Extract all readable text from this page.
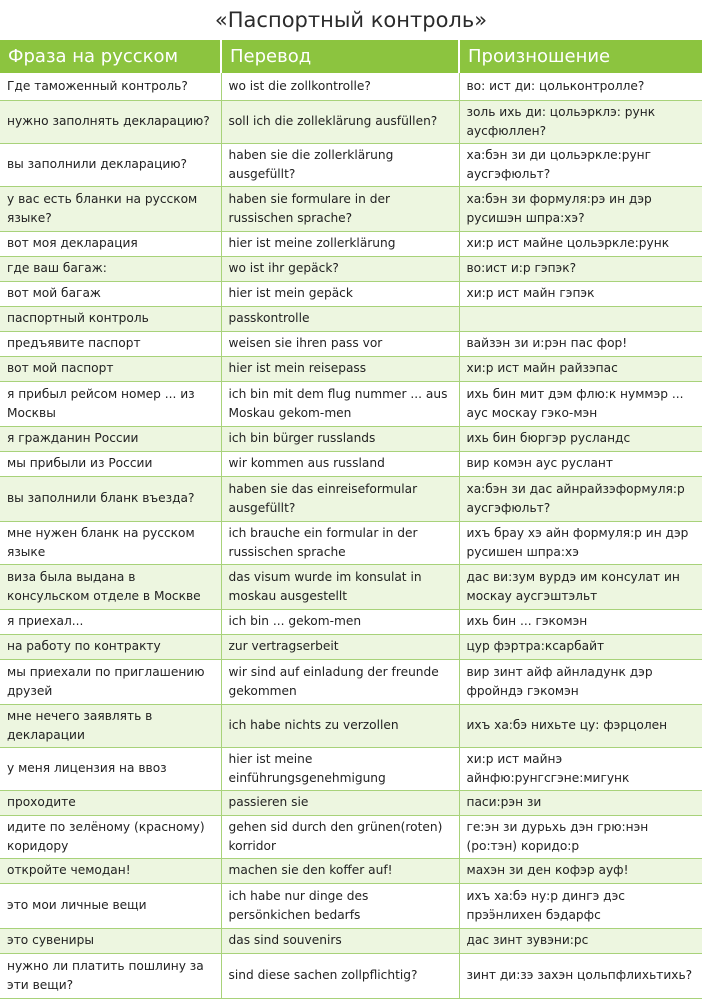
«Паспортный контроль»
Фраза на русском	Перевод	Произношение
Где таможенный контроль?	wo ist die zollkontrolle?	во: ист ди: цольконтролле?
нужно заполнять декларацию?	soll ich die zolleklärung ausfüllen?	золь ихь ди: цольэрклэ: рунк аусфюллен?
вы заполнили декларацию?	haben sie die zollerklärung ausgefüllt?	ха:бэн зи ди цольэркле:рунг аусгэфюльт?
у вас есть бланки на русском языке?	haben sie formulare in der russischen sprache?	ха:бэн зи формуля:рэ ин дэр русишэн шпра:хэ?
вот моя декларация	hier ist meine zollerklärung	хи:р ист майне цольэркле:рунк
где ваш багаж:	wo ist ihr gepäck?	во:ист и:р гэпэк?
вот мой багаж	hier ist mein gepäck	хи:р ист майн гэпэк
паспортный контроль	passkontrolle	
предъявите паспорт	weisen sie ihren pass vor	вайзэн зи и:рэн пас фор!
вот мой паспорт	hier ist mein reisepass	хи:р ист майн райзэпас
я прибыл рейсом номер ... из Москвы	ich bin mit dem flug nummer ... aus Moskau gekom-men	ихь бин мит дэм флю:к нуммэр ... аус москау гэко-мэн
я гражданин России	ich bin bürger russlands	ихь бин бюргэр руcландс
мы прибыли из России	wir kommen aus russland	вир комэн аус руслант
вы заполнили бланк въезда?	haben sie das einreiseformular ausgefüllt?	ха:бэн зи дас айнрайзэформуля:р аусгэфюльт?
мне нужен бланк на русском языке	ich brauche ein formular in der russischen sprache	ихъ брау хэ айн формуля:р ин дэр русишен шпра:хэ
виза была выдана в консульском отделе в Москве	das visum wurde im konsulat in moskau ausgestellt	дас ви:зум вурдэ им консулат ин москау аусгэштэльт
я приехал...	ich bin ... gekom-men	ихь бин ... гэкомэн
на работу по контракту	zur vertragserbeit	цур фэртра:ксарбайт
мы приехали по приглашению друзей	wir sind auf einladung der freunde gekommen	вир зинт айф айнладунк дэр фройндэ гэкомэн
мне нечего заявлять в декларации	ich habe nichts zu verzollen	ихъ ха:бэ нихьте цу: фэрцолен
у меня лицензия на ввоз	hier ist meine einführungsgenehmigung	хи:р ист майнэ айнфю:рунгсгэне:мигунк
проходите	passieren sie	паси:рэн зи
идите по зелёному (красному) коридору	gehen sid durch den grünen(roten) korridor	ге:эн зи дурьхь дэн грю:нэн (ро:тэн) коридо:р
откройте чемодан!	machen sie den koffer auf!	махэн зи ден кофэр ауф!
это мои личные вещи	ich habe nur dinge des persönkichen bedarfs	ихъ ха:бэ ну:р дингэ дэс прэӭнлихен бэдарфс
это сувениры	das sind souvenirs	дас зинт зувэни:рс
нужно ли платить пошлину за эти вещи?	sind diese sachen zollpflichtig?	зинт ди:зэ захэн цольпфлихьтихь?
